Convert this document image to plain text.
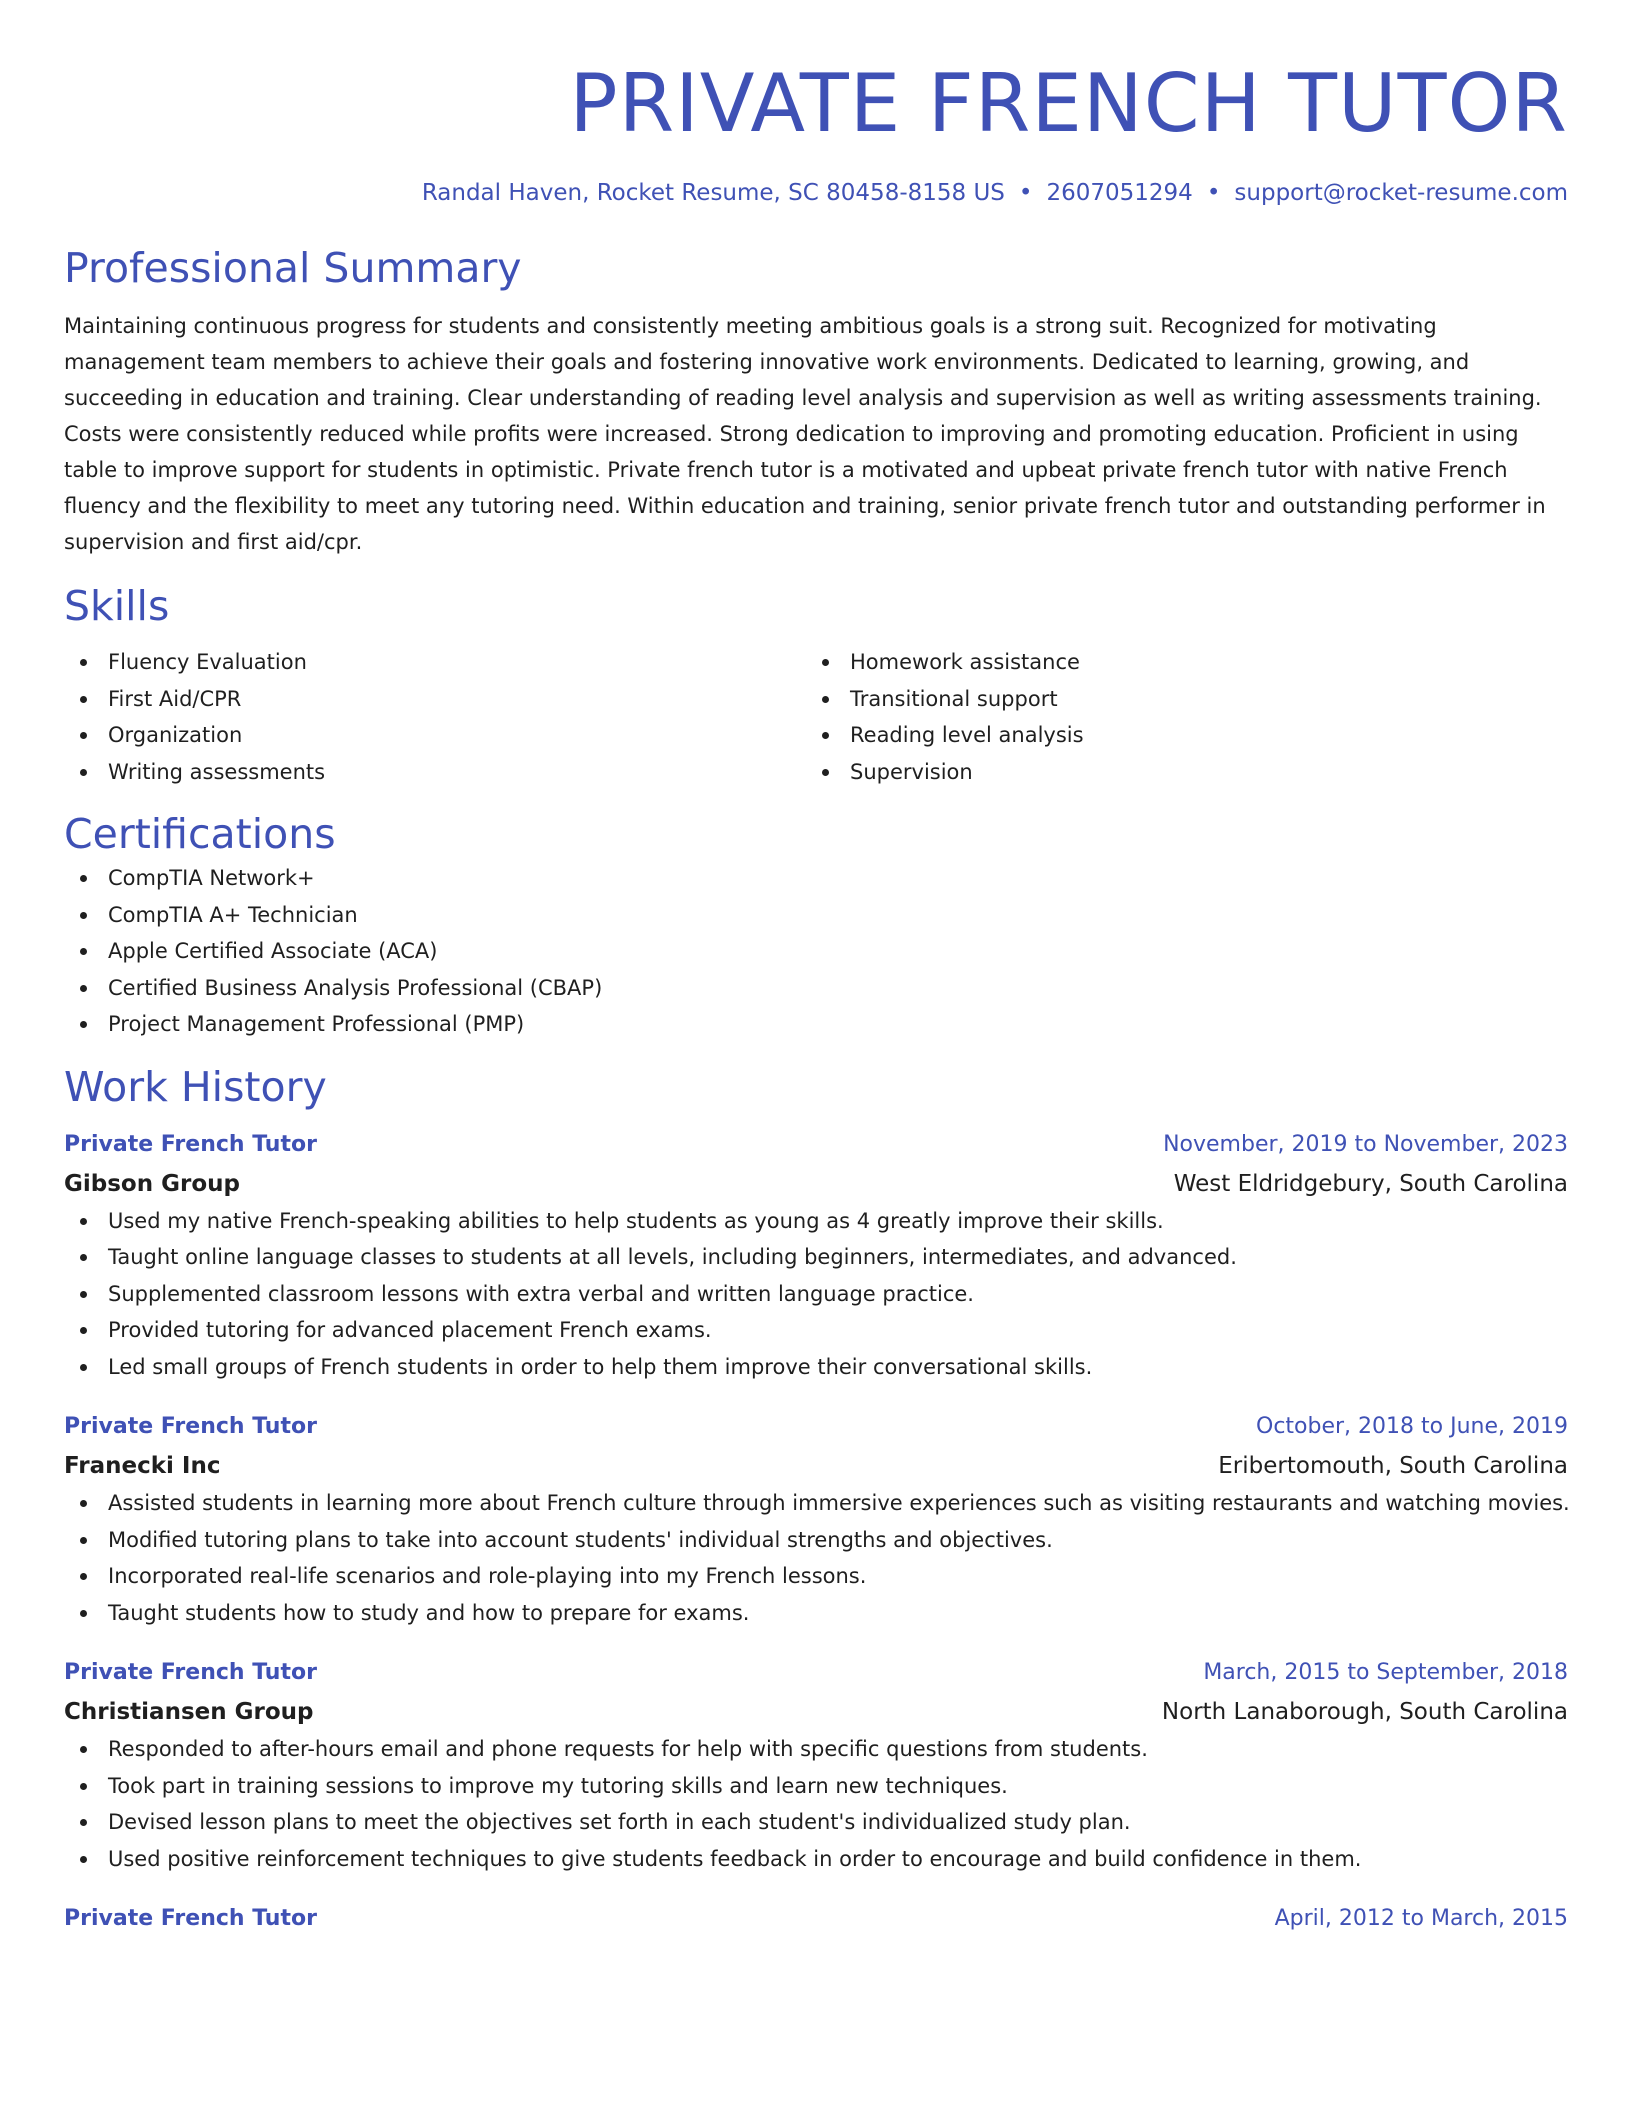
PRIVATE FRENCH TUTOR
Randal Haven, Rocket Resume, SC 80458-8158 US • 2607051294 • support@rocket-resume.com
Professional Summary
Maintaining continuous progress for students and consistently meeting ambitious goals is a strong suit. Recognized for motivating management team members to achieve their goals and fostering innovative work environments. Dedicated to learning, growing, and succeeding in education and training. Clear understanding of reading level analysis and supervision as well as writing assessments training. Costs were consistently reduced while profits were increased. Strong dedication to improving and promoting education. Proficient in using table to improve support for students in optimistic. Private french tutor is a motivated and upbeat private french tutor with native French fluency and the flexibility to meet any tutoring need. Within education and training, senior private french tutor and outstanding performer in supervision and first aid/cpr.
Skills
Fluency Evaluation
First Aid/CPR
Organization
Writing assessments
Homework assistance
Transitional support
Reading level analysis
Supervision
Certifications
CompTIA Network+
CompTIA A+ Technician
Apple Certified Associate (ACA)
Certified Business Analysis Professional (CBAP)
Project Management Professional (PMP)
Work History
Private French Tutor	November, 2019 to November, 2023
Gibson Group	West Eldridgebury, South Carolina
Used my native French-speaking abilities to help students as young as 4 greatly improve their skills.
Taught online language classes to students at all levels, including beginners, intermediates, and advanced.
Supplemented classroom lessons with extra verbal and written language practice.
Provided tutoring for advanced placement French exams.
Led small groups of French students in order to help them improve their conversational skills.
Private French Tutor	October, 2018 to June, 2019
Franecki Inc	Eribertomouth, South Carolina
Assisted students in learning more about French culture through immersive experiences such as visiting restaurants and watching movies.
Modified tutoring plans to take into account students' individual strengths and objectives.
Incorporated real-life scenarios and role-playing into my French lessons.
Taught students how to study and how to prepare for exams.
Private French Tutor	March, 2015 to September, 2018
Christiansen Group	North Lanaborough, South Carolina
Responded to after-hours email and phone requests for help with specific questions from students.
Took part in training sessions to improve my tutoring skills and learn new techniques.
Devised lesson plans to meet the objectives set forth in each student's individualized study plan.
Used positive reinforcement techniques to give students feedback in order to encourage and build confidence in them.
Private French Tutor	April, 2012 to March, 2015
